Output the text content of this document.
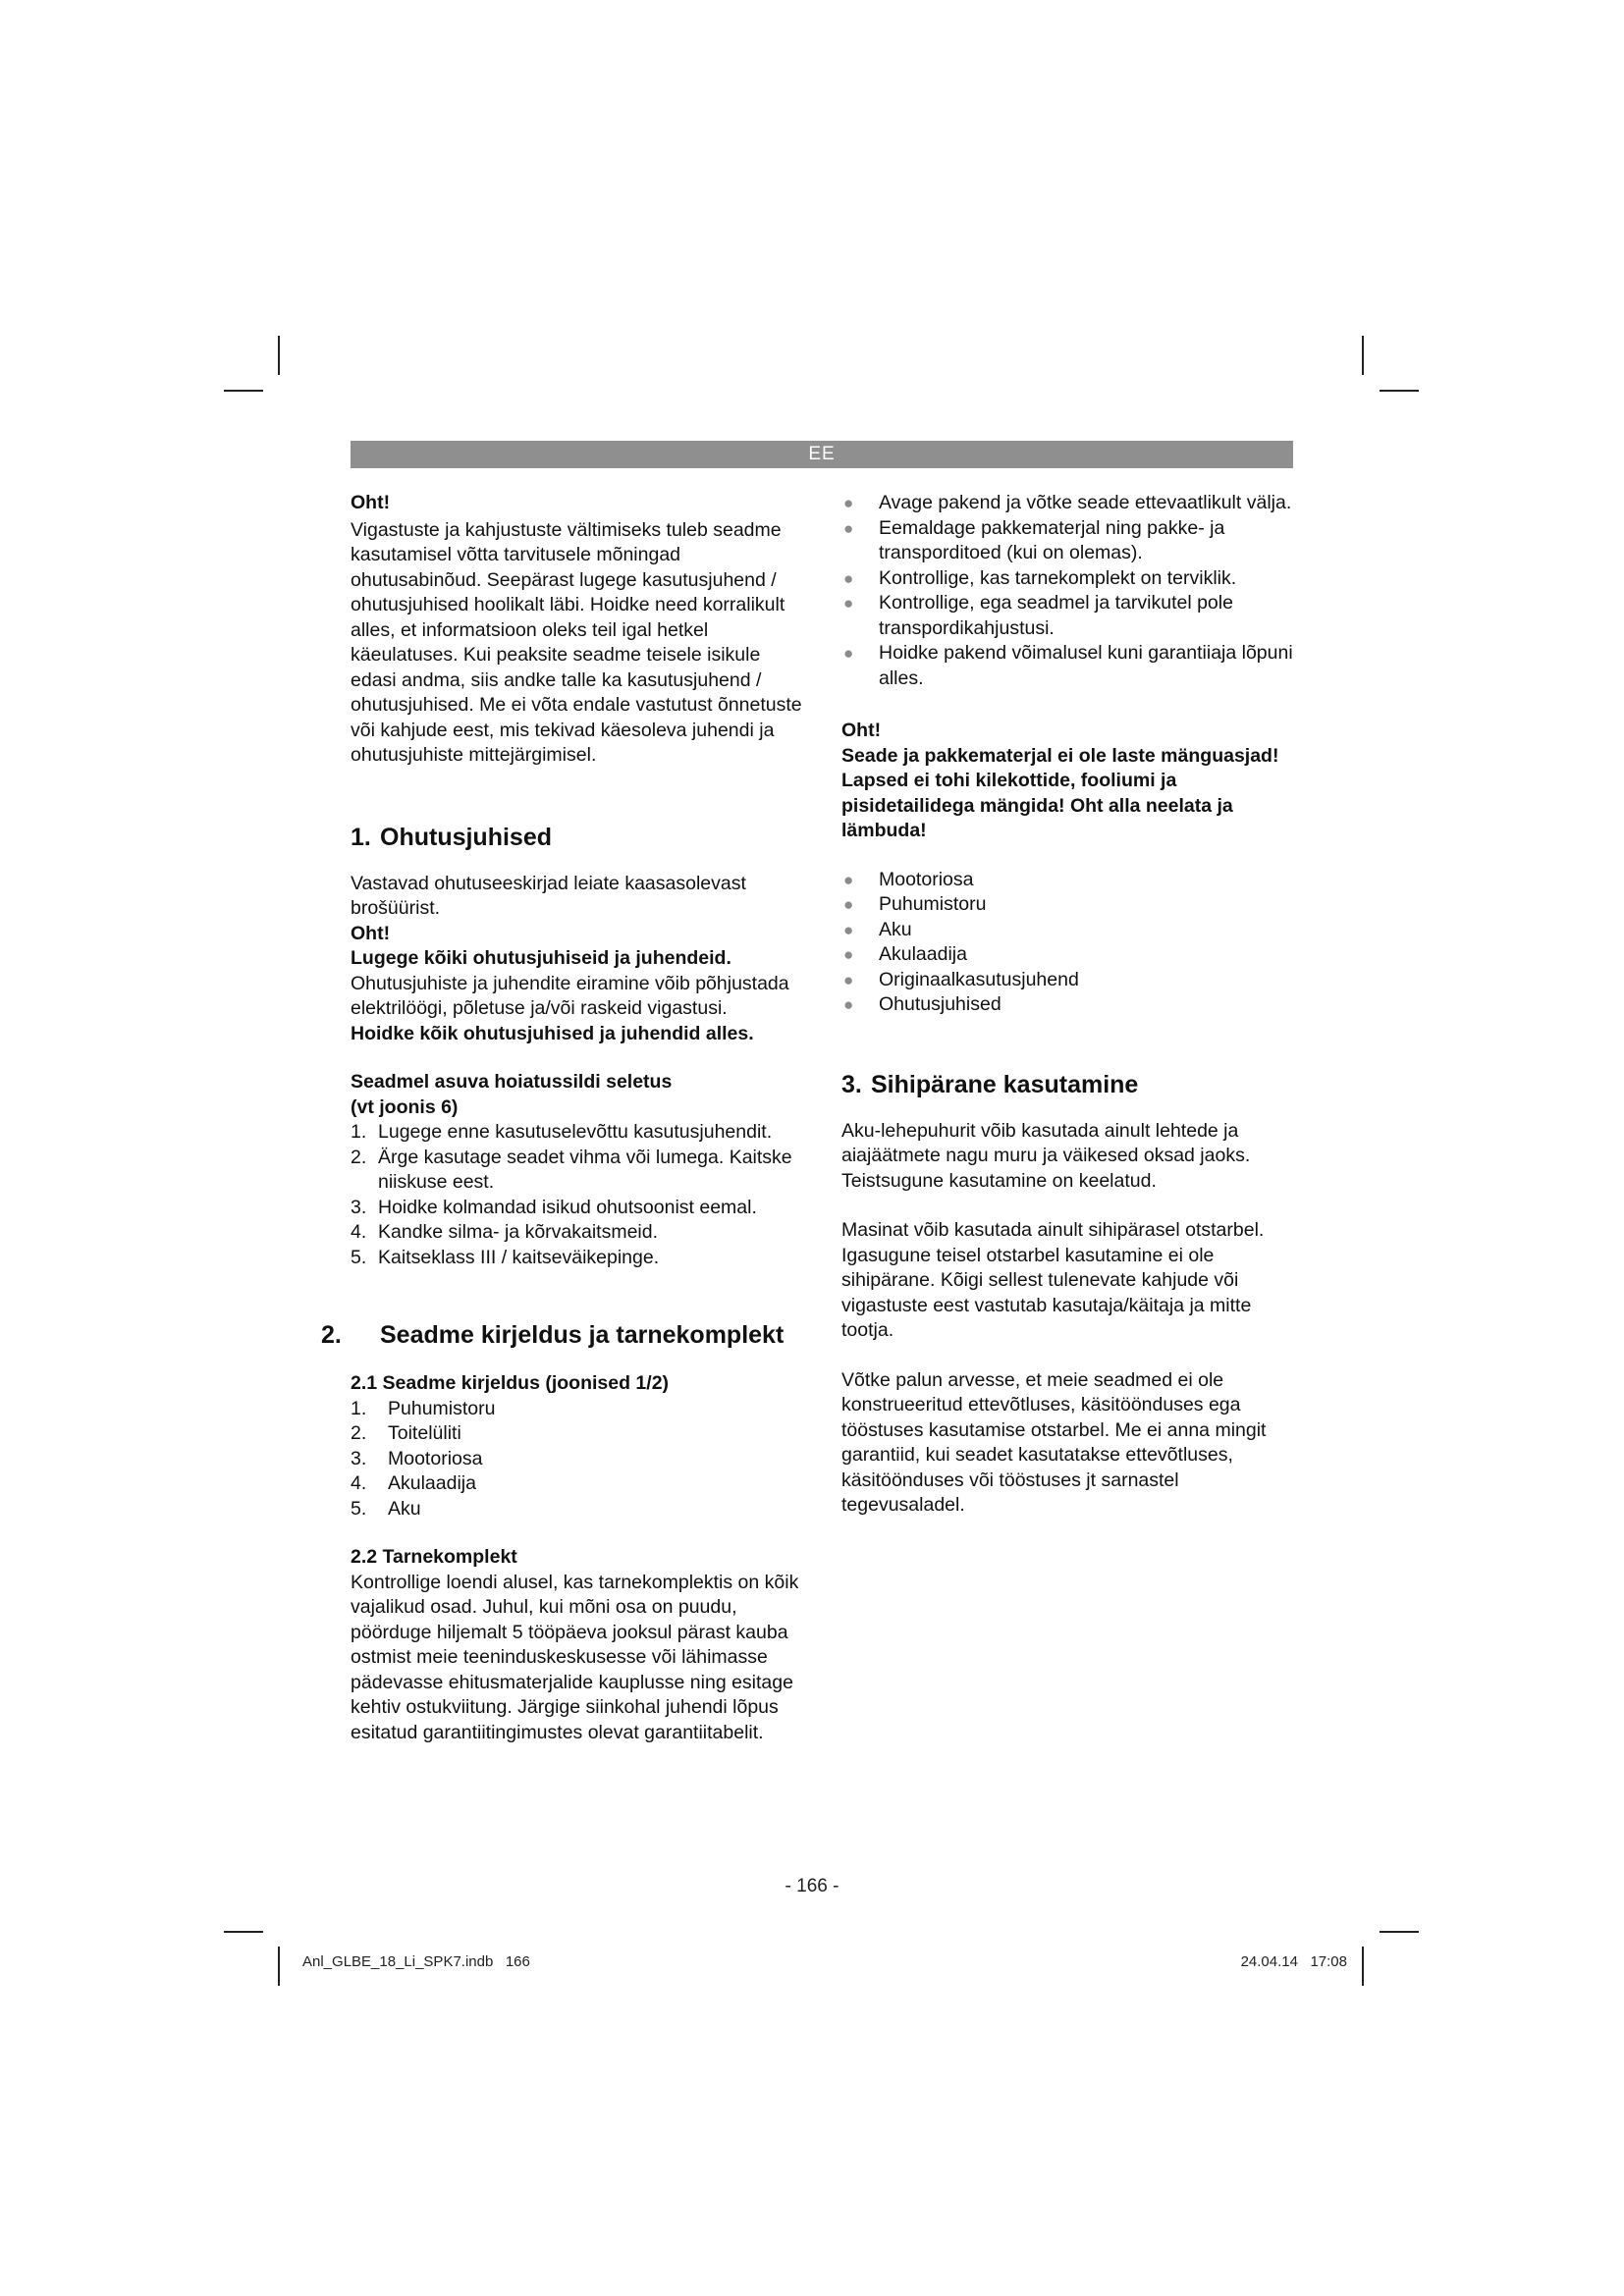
EE

Oht!

Vigastuste ja kahjustuste vältimiseks tuleb seadme kasutamisel võtta tarvitusele mõningad ohutusabinõud. Seepärast lugege kasutusjuhend / ohutusjuhised hoolikalt läbi. Hoidke need korralikult alles, et informatsioon oleks teil igal hetkel käeulatuses. Kui peaksite seadme teisele isikule edasi andma, siis andke talle ka kasutusjuhend / ohutusjuhised. Me ei võta endale vastutust õnnetuste või kahjude eest, mis tekivad käesoleva juhendi ja ohutusjuhiste mittejärgimisel.

1. Ohutusjuhised

Vastavad ohutuseeskirjad leiate kaasasolevast brošüürist.

Oht!

Lugege kõiki ohutusjuhiseid ja juhendeid.

Ohutusjuhiste ja juhendite eiramine võib põhjustada elektrilöögi, põletuse ja/või raskeid vigastusi.

Hoidke kõik ohutusjuhised ja juhendid alles.

Seadmel asuva hoiatussildi seletus
(vt joonis 6)
1. Lugege enne kasutuselevõttu kasutusjuhendit.
2. Ärge kasutage seadet vihma või lumega. Kaitske niiskuse eest.
3. Hoidke kolmandad isikud ohutsoonist eemal.
4. Kandke silma- ja kõrvakaitsmeid.
5. Kaitseklass III / kaitseväikepinge.
2. Seadme kirjeldus ja tarnekomplekt
2.1 Seadme kirjeldus (joonised 1/2)
1. Puhumistoru
2. Toitelüliti
3. Mootoriosa
4. Akulaadija
5. Aku
2.2 Tarnekomplekt

Kontrollige loendi alusel, kas tarnekomplektis on kõik vajalikud osad. Juhul, kui mõni osa on puudu, pöörduge hiljemalt 5 tööpäeva jooksul pärast kauba ostmist meie teeninduskeskusesse või lähimasse pädevasse ehitusmaterjalide kauplusse ning esitage kehtiv ostukviitung. Järgige siinkohal juhendi lõpus esitatud garantiitingimustes olevat garantiitabelit.

● Avage pakend ja võtke seade ettevaatlikult välja.
● Eemaldage pakkematerjal ning pakke- ja transporditoed (kui on olemas).
● Kontrollige, kas tarnekomplekt on terviklik.
● Kontrollige, ega seadmel ja tarvikutel pole transpordikahjustusi.
● Hoidke pakend võimalusel kuni garantiiaja lõpuni alles.

Oht!

Seade ja pakkematerjal ei ole laste mänguasjad! Lapsed ei tohi kilekottide, fooliumi ja pisidetailidega mängida! Oht alla neelata ja lämbuda!

● Mootoriosa
● Puhumistoru
● Aku
● Akulaadija
● Originaalkasutusjuhend
● Ohutusjuhised
3. Sihipärane kasutamine

Aku-lehepuhurit võib kasutada ainult lehtede ja aiajäätmete nagu muru ja väikesed oksad jaoks. Teistsugune kasutamine on keelatud.

Masinat võib kasutada ainult sihipärasel otstarbel. Igasugune teisel otstarbel kasutamine ei ole sihipärane. Kõigi sellest tulenevate kahjude või vigastuste eest vastutab kasutaja/käitaja ja mitte tootja.

Võtke palun arvesse, et meie seadmed ei ole konstrueeritud ettevõtluses, käsitöönduses ega tööstuses kasutamise otstarbel. Me ei anna mingit garantiid, kui seadet kasutatakse ettevõtluses, käsitöönduses või tööstuses jt sarnastel tegevusaladel.

- 166 -
Anl_GLBE_18_Li_SPK7.indb   166	24.04.14   17:08
